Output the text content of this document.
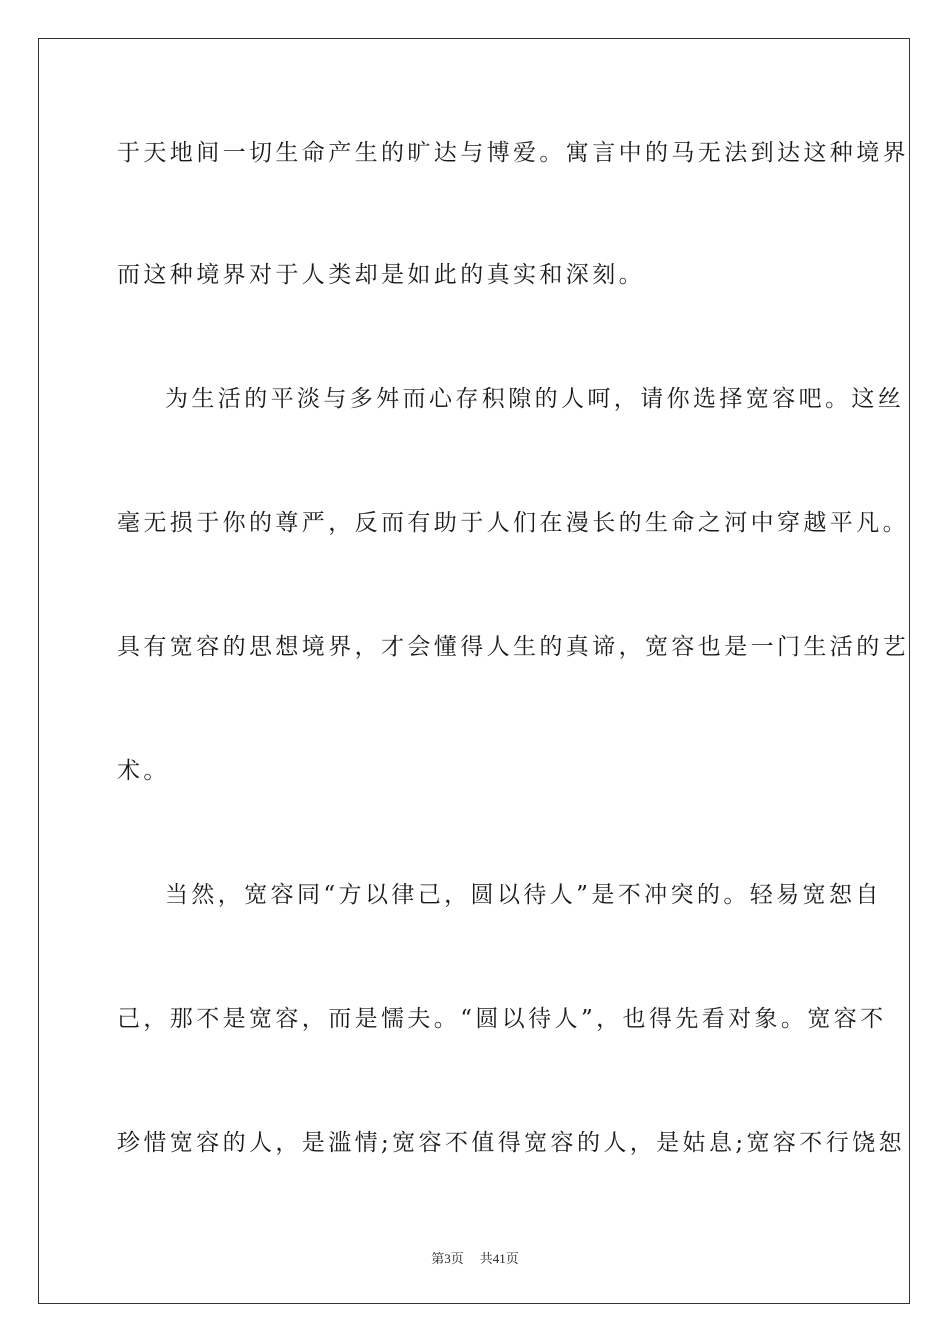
于天地间一切生命产生的旷达与博爱。寓言中的马无法到达这种境界
而这种境界对于人类却是如此的真实和深刻。
为生活的平淡与多舛而心存积隙的人呵，请你选择宽容吧。这丝
毫无损于你的尊严，反而有助于人们在漫长的生命之河中穿越平凡。
具有宽容的思想境界，才会懂得人生的真谛，宽容也是一门生活的艺
术。
当然，宽容同“方以律己，圆以待人”是不冲突的。轻易宽恕自
己，那不是宽容，而是懦夫。“圆以待人”，也得先看对象。宽容不
珍惜宽容的人，是滥情;宽容不值得宽容的人，是姑息;宽容不行饶恕
第3页 共41页
